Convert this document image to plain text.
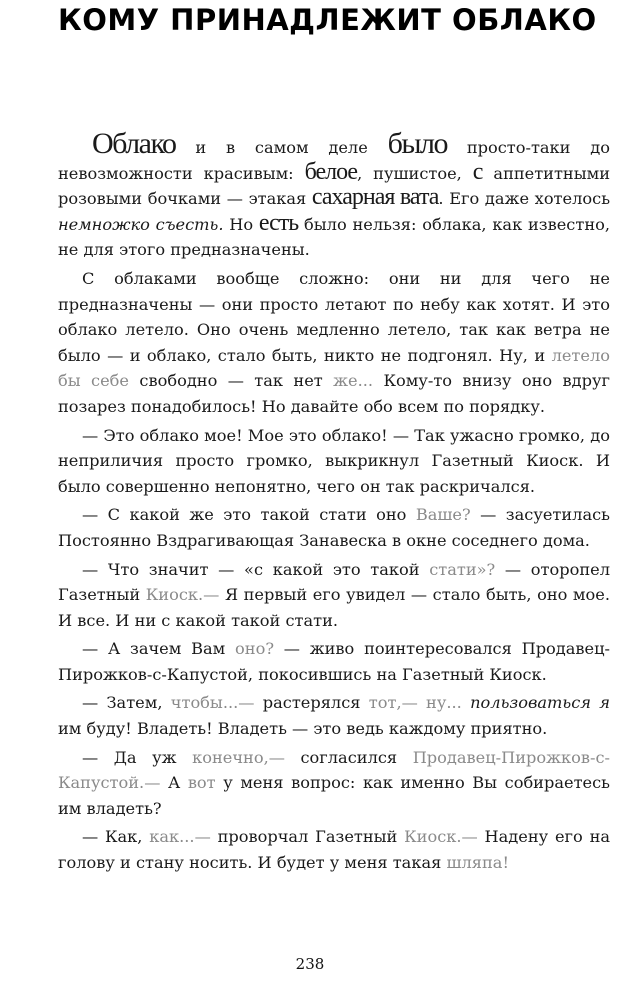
КОМУ ПРИНАДЛЕЖИТ ОБЛАКО

Облако и в самом деле было просто-таки до невозможности красивым: белое, пушистое, с аппетитными розовыми бочками — этакая сахарная вата. Его даже хотелось немножко съесть. Но есть было нельзя: облака, как известно, не для этого предназначены.

С облаками вообще сложно: они ни для чего не предназначены — они просто летают по небу как хотят. И это облако летело. Оно очень медленно летело, так как ветра не было — и облако, стало быть, никто не подгонял. Ну, и летело бы себе свободно — так нет же... Кому-то внизу оно вдруг позарез понадобилось! Но давайте обо всем по порядку.

— Это облако мое! Мое это облако! — Так ужасно громко, до неприличия просто громко, выкрикнул Газетный Киоск. И было совершенно непонятно, чего он так раскричался.

— С какой же это такой стати оно Ваше? — засуетилась Постоянно Вздрагивающая Занавеска в окне соседнего дома.

— Что значит — «с какой это такой стати»? — оторопел Газетный Киоск.— Я первый его увидел — стало быть, оно мое. И все. И ни с какой такой стати.

— А зачем Вам оно? — живо поинтересовался Продавец-Пирожков-с-Капустой, покосившись на Газетный Киоск.

— Затем, чтобы...— растерялся тот,— ну... пользоваться я им буду! Владеть! Владеть — это ведь каждому приятно.

— Да уж конечно,— согласился Продавец-Пирожков-с-Капустой.— А вот у меня вопрос: как именно Вы собираетесь им владеть?

— Как, как...— проворчал Газетный Киоск.— Надену его на голову и стану носить. И будет у меня такая шляпа!

238
